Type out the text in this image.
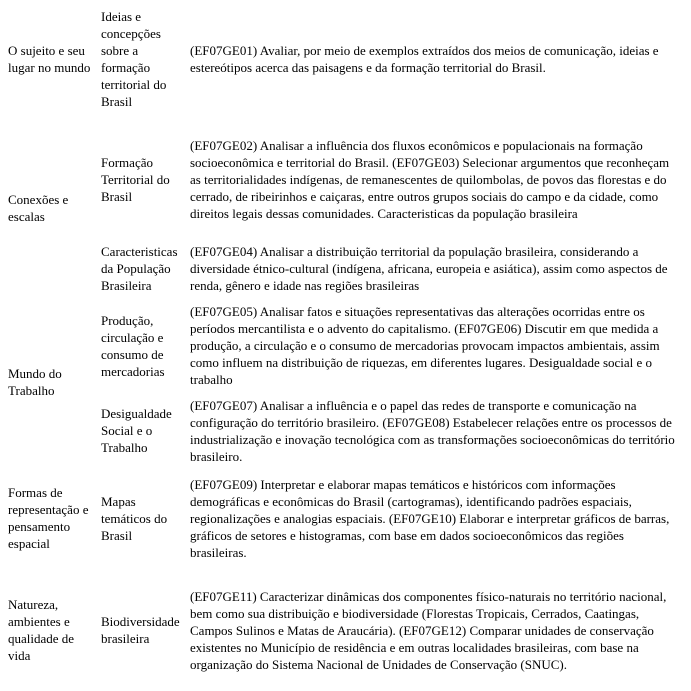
O sujeito e seu lugar no mundo	Ideias e concepções sobre a formação territorial do Brasil	(EF07GE01) Avaliar, por meio de exemplos extraídos dos meios de comunicação, ideias e estereótipos acerca das paisagens e da formação territorial do Brasil.
Conexões e escalas	Formação Territorial do Brasil	(EF07GE02) Analisar a influência dos fluxos econômicos e populacionais na formação socioeconômica e territorial do Brasil. (EF07GE03) Selecionar argumentos que reconheçam as territorialidades indígenas, de remanescentes de quilombolas, de povos das florestas e do cerrado, de ribeirinhos e caiçaras, entre outros grupos sociais do campo e da cidade, como direitos legais dessas comunidades. Caracteristicas da população brasileira
	Caracteristicas da População Brasileira	(EF07GE04) Analisar a distribuição territorial da população brasileira, considerando a diversidade étnico-cultural (indígena, africana, europeia e asiática), assim como aspectos de renda, gênero e idade nas regiões brasileiras
Mundo do Trabalho	Produção, circulação e consumo de mercadorias	(EF07GE05) Analisar fatos e situações representativas das alterações ocorridas entre os períodos mercantilista e o advento do capitalismo. (EF07GE06) Discutir em que medida a produção, a circulação e o consumo de mercadorias provocam impactos ambientais, assim como influem na distribuição de riquezas, em diferentes lugares. Desigualdade social e o trabalho
	Desigualdade Social e o Trabalho	(EF07GE07) Analisar a influência e o papel das redes de transporte e comunicação na configuração do território brasileiro. (EF07GE08) Estabelecer relações entre os processos de industrialização e inovação tecnológica com as transformações socioeconômicas do território brasileiro.
Formas de representação e pensamento espacial	Mapas temáticos do Brasil	(EF07GE09) Interpretar e elaborar mapas temáticos e históricos com informações demográficas e econômicas do Brasil (cartogramas), identificando padrões espaciais, regionalizações e analogias espaciais. (EF07GE10) Elaborar e interpretar gráficos de barras, gráficos de setores e histogramas, com base em dados socioeconômicos das regiões brasileiras.
Natureza, ambientes e qualidade de vida	Biodiversidade brasileira	(EF07GE11) Caracterizar dinâmicas dos componentes físico-naturais no território nacional, bem como sua distribuição e biodiversidade (Florestas Tropicais, Cerrados, Caatingas, Campos Sulinos e Matas de Araucária). (EF07GE12) Comparar unidades de conservação existentes no Município de residência e em outras localidades brasileiras, com base na organização do Sistema Nacional de Unidades de Conservação (SNUC).
